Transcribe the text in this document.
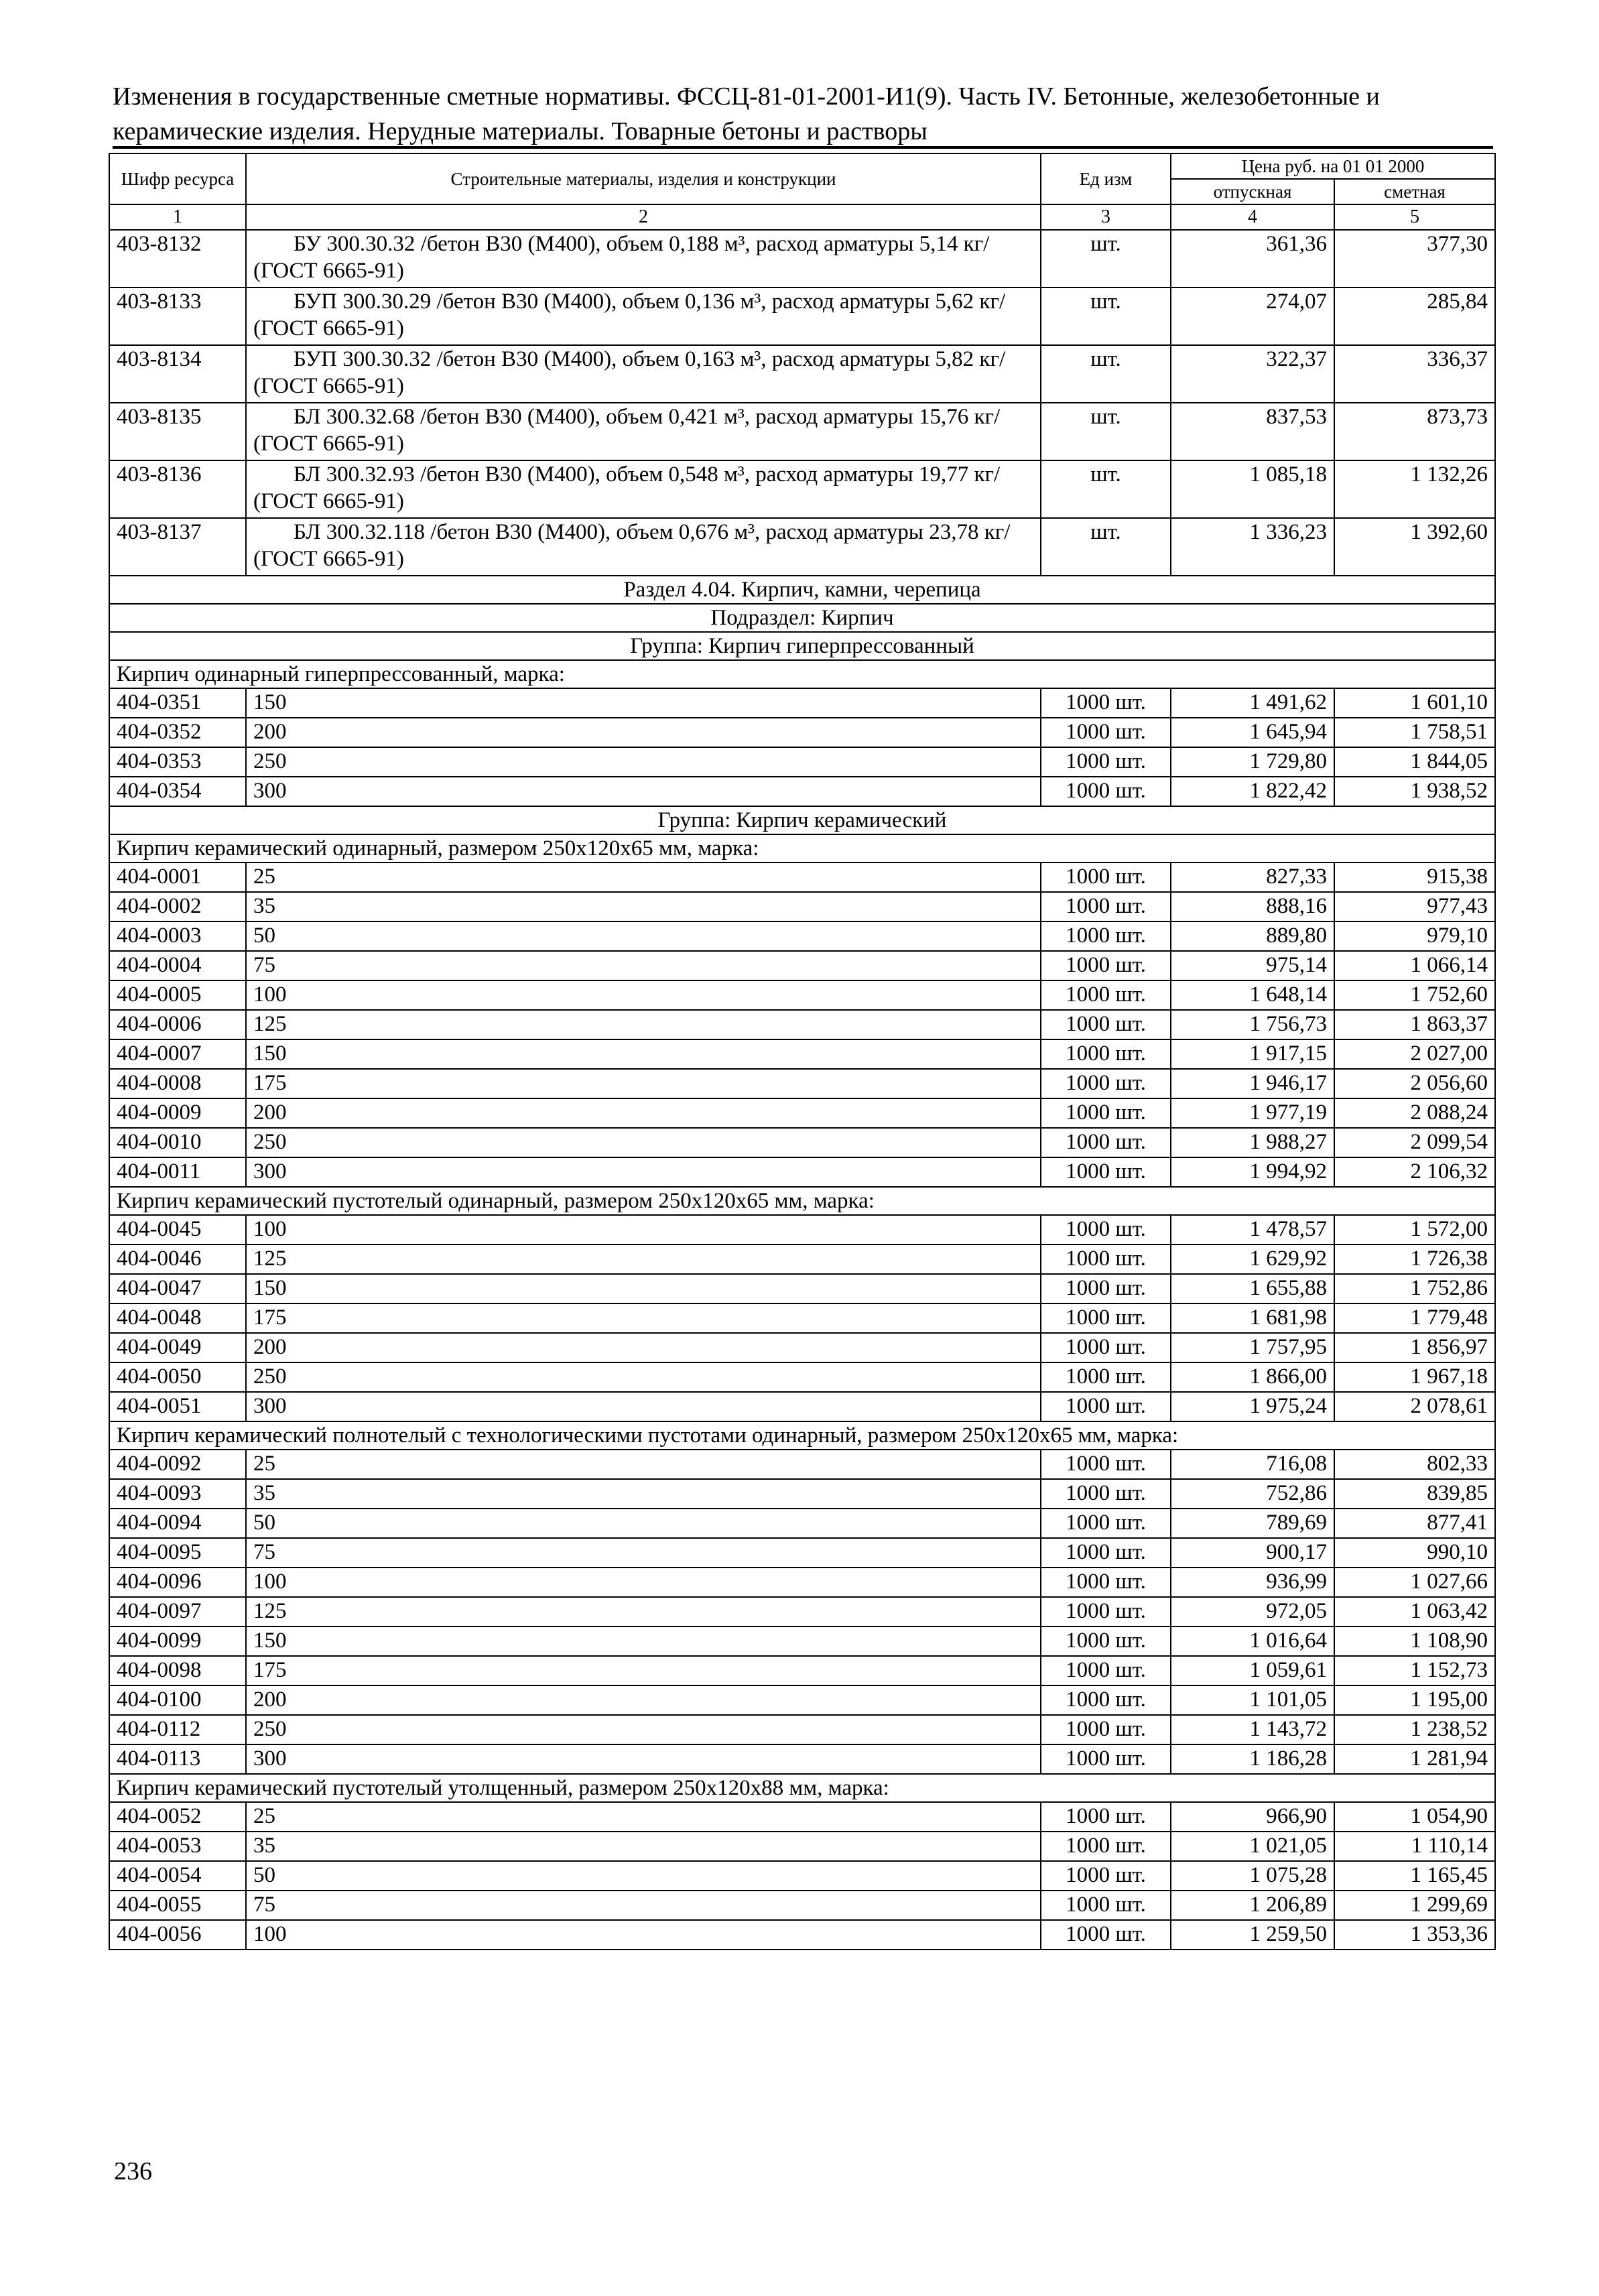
Изменения в государственные сметные нормативы. ФССЦ-81-01-2001-И1(9). Часть IV. Бетонные, железобетонные и
керамические изделия. Нерудные материалы. Товарные бетоны и растворы
Шифр ресурса	Строительные материалы, изделия и конструкции	Ед изм	Цена руб. на 01 01 2000	
			отпускная	сметная
1	2	3	4	5
403-8132	БУ 300.30.32 /бетон В30 (М400), объем 0,188 м³, расход арматуры 5,14 кг/ (ГОСТ 6665-91)	шт.	361,36	377,30
403-8133	БУП 300.30.29 /бетон В30 (М400), объем 0,136 м³, расход арматуры 5,62 кг/ (ГОСТ 6665-91)	шт.	274,07	285,84
403-8134	БУП 300.30.32 /бетон В30 (М400), объем 0,163 м³, расход арматуры 5,82 кг/ (ГОСТ 6665-91)	шт.	322,37	336,37
403-8135	БЛ 300.32.68 /бетон В30 (М400), объем 0,421 м³, расход арматуры 15,76 кг/ (ГОСТ 6665-91)	шт.	837,53	873,73
403-8136	БЛ 300.32.93 /бетон В30 (М400), объем 0,548 м³, расход арматуры 19,77 кг/ (ГОСТ 6665-91)	шт.	1 085,18	1 132,26
403-8137	БЛ 300.32.118 /бетон В30 (М400), объем 0,676 м³, расход арматуры 23,78 кг/ (ГОСТ 6665-91)	шт.	1 336,23	1 392,60
Раздел 4.04. Кирпич, камни, черепица				
Подраздел: Кирпич				
Группа: Кирпич гиперпрессованный				
Кирпич одинарный гиперпрессованный, марка:				
404-0351	150	1000 шт.	1 491,62	1 601,10
404-0352	200	1000 шт.	1 645,94	1 758,51
404-0353	250	1000 шт.	1 729,80	1 844,05
404-0354	300	1000 шт.	1 822,42	1 938,52
Группа: Кирпич керамический				
Кирпич керамический одинарный, размером 250x120x65 мм, марка:				
404-0001	25	1000 шт.	827,33	915,38
404-0002	35	1000 шт.	888,16	977,43
404-0003	50	1000 шт.	889,80	979,10
404-0004	75	1000 шт.	975,14	1 066,14
404-0005	100	1000 шт.	1 648,14	1 752,60
404-0006	125	1000 шт.	1 756,73	1 863,37
404-0007	150	1000 шт.	1 917,15	2 027,00
404-0008	175	1000 шт.	1 946,17	2 056,60
404-0009	200	1000 шт.	1 977,19	2 088,24
404-0010	250	1000 шт.	1 988,27	2 099,54
404-0011	300	1000 шт.	1 994,92	2 106,32
Кирпич керамический пустотелый одинарный, размером 250x120x65 мм, марка:				
404-0045	100	1000 шт.	1 478,57	1 572,00
404-0046	125	1000 шт.	1 629,92	1 726,38
404-0047	150	1000 шт.	1 655,88	1 752,86
404-0048	175	1000 шт.	1 681,98	1 779,48
404-0049	200	1000 шт.	1 757,95	1 856,97
404-0050	250	1000 шт.	1 866,00	1 967,18
404-0051	300	1000 шт.	1 975,24	2 078,61
Кирпич керамический полнотелый с технологическими пустотами одинарный, размером 250x120x65 мм, марка:				
404-0092	25	1000 шт.	716,08	802,33
404-0093	35	1000 шт.	752,86	839,85
404-0094	50	1000 шт.	789,69	877,41
404-0095	75	1000 шт.	900,17	990,10
404-0096	100	1000 шт.	936,99	1 027,66
404-0097	125	1000 шт.	972,05	1 063,42
404-0099	150	1000 шт.	1 016,64	1 108,90
404-0098	175	1000 шт.	1 059,61	1 152,73
404-0100	200	1000 шт.	1 101,05	1 195,00
404-0112	250	1000 шт.	1 143,72	1 238,52
404-0113	300	1000 шт.	1 186,28	1 281,94
Кирпич керамический пустотелый утолщенный, размером 250x120x88 мм, марка:				
404-0052	25	1000 шт.	966,90	1 054,90
404-0053	35	1000 шт.	1 021,05	1 110,14
404-0054	50	1000 шт.	1 075,28	1 165,45
404-0055	75	1000 шт.	1 206,89	1 299,69
404-0056	100	1000 шт.	1 259,50	1 353,36
236
